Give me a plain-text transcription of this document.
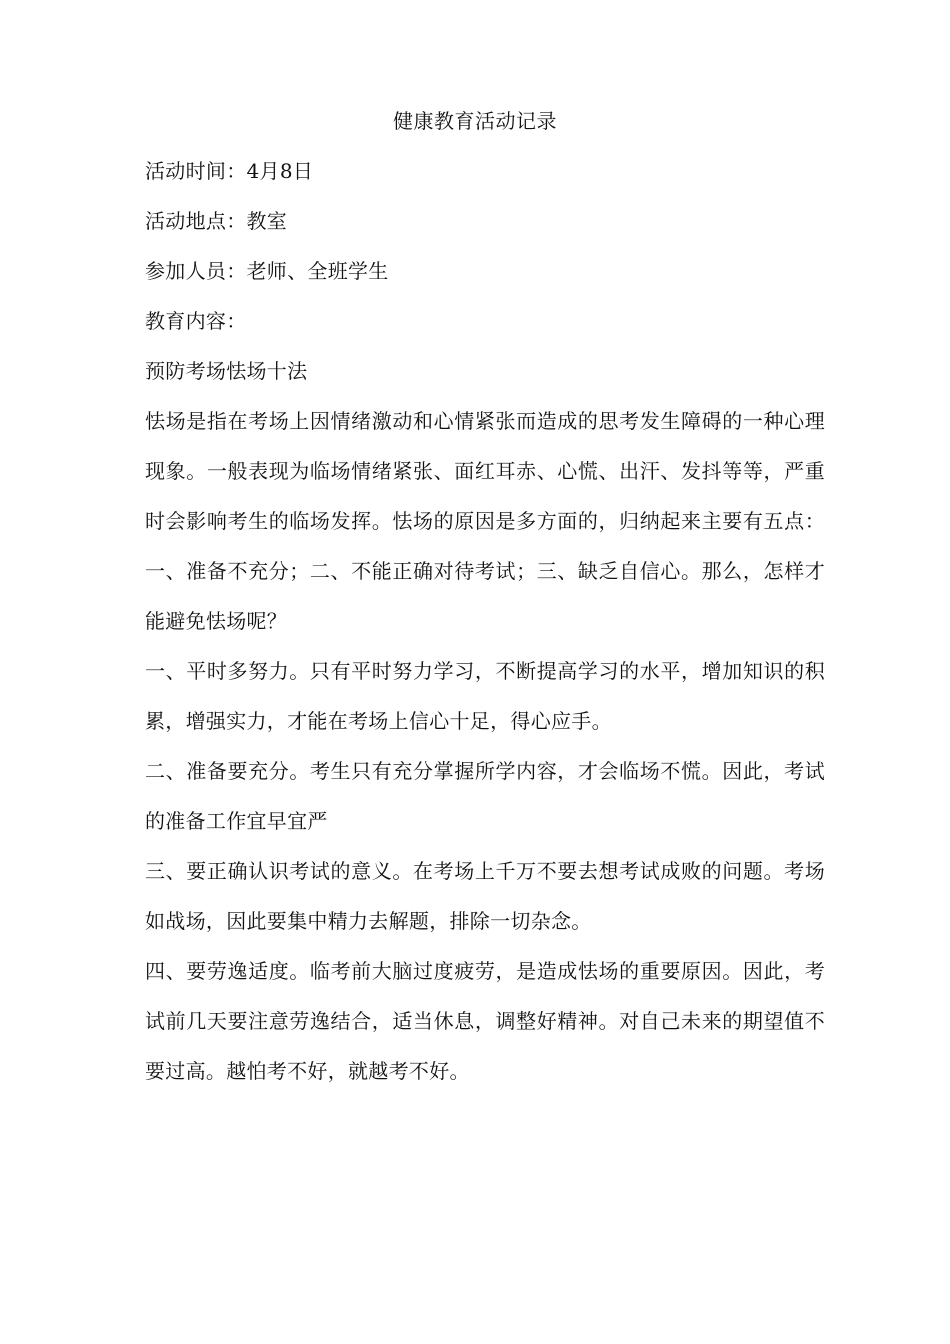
健康教育活动记录
活动时间：4月8日
活动地点：教室
参加人员：老师、全班学生
教育内容：
预防考场怯场十法
怯场是指在考场上因情绪激动和心情紧张而造成的思考发生障碍的一种心理现象。一般表现为临场情绪紧张、面红耳赤、心慌、出汗、发抖等等，严重时会影响考生的临场发挥。怯场的原因是多方面的，归纳起来主要有五点：一、准备不充分；二、不能正确对待考试；三、缺乏自信心。那么，怎样才能避免怯场呢？
一、平时多努力。只有平时努力学习，不断提高学习的水平，增加知识的积累，增强实力，才能在考场上信心十足，得心应手。
二、准备要充分。考生只有充分掌握所学内容，才会临场不慌。因此，考试的准备工作宜早宜严
三、要正确认识考试的意义。在考场上千万不要去想考试成败的问题。考场如战场，因此要集中精力去解题，排除一切杂念。
四、要劳逸适度。临考前大脑过度疲劳，是造成怯场的重要原因。因此，考试前几天要注意劳逸结合，适当休息，调整好精神。对自己未来的期望值不要过高。越怕考不好，就越考不好。
